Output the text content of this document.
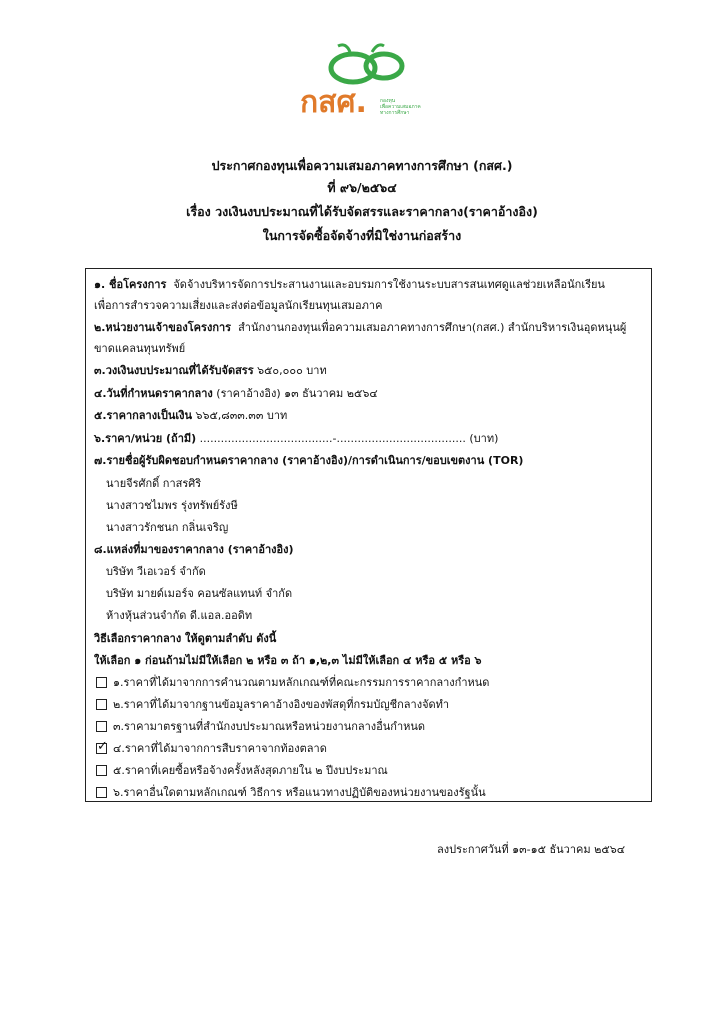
กสศ.	กองทุน
เพื่อความเสมอภาค
ทางการศึกษา
ประกาศกองทุนเพื่อความเสมอภาคทางการศึกษา (กสศ.)
ที่ ๙๖/๒๕๖๔
เรื่อง วงเงินงบประมาณที่ได้รับจัดสรรและราคากลาง(ราคาอ้างอิง)
ในการจัดซื้อจัดจ้างที่มิใช่งานก่อสร้าง
๑. ชื่อโครงการ จัดจ้างบริหารจัดการประสานงานและอบรมการใช้งานระบบสารสนเทศดูแลช่วยเหลือนักเรียน
เพื่อการสำรวจความเสี่ยงและส่งต่อข้อมูลนักเรียนทุนเสมอภาค
๒.หน่วยงานเจ้าของโครงการ สำนักงานกองทุนเพื่อความเสมอภาคทางการศึกษา(กสศ.) สำนักบริหารเงินอุดหนุนผู้
ขาดแคลนทุนทรัพย์
๓.วงเงินงบประมาณที่ได้รับจัดสรร ๖๕๐,๐๐๐ บาท
๔.วันที่กำหนดราคากลาง (ราคาอ้างอิง) ๑๓ ธันวาคม ๒๕๖๔
๕.ราคากลางเป็นเงิน ๖๖๕,๘๓๓.๓๓ บาท
๖.ราคา/หน่วย (ถ้ามี) ......................................-..................................... (บาท)
๗.รายชื่อผู้รับผิดชอบกำหนดราคากลาง (ราคาอ้างอิง)/การดำเนินการ/ขอบเขตงาน (TOR)
นายจีรศักดิ์ กาสรศิริ
นางสาวชไมพร รุ่งทรัพย์รังษี
นางสาวรักชนก กลิ่นเจริญ
๘.แหล่งที่มาของราคากลาง (ราคาอ้างอิง)
บริษัท วีเอเวอร์ จำกัด
บริษัท มายด์เมอร์จ คอนซัลแทนท์ จำกัด
ห้างหุ้นส่วนจำกัด ดี.แอล.ออดิท
วิธีเลือกราคากลาง ให้ดูตามลำดับ ดังนี้
ให้เลือก ๑ ก่อนถ้ามไม่มีให้เลือก ๒ หรือ ๓ ถ้า ๑,๒,๓ ไม่มีให้เลือก ๔ หรือ ๕ หรือ ๖
๑.ราคาที่ได้มาจากการคำนวณตามหลักเกณฑ์ที่คณะกรรมการราคากลางกำหนด
๒.ราคาที่ได้มาจากฐานข้อมูลราคาอ้างอิงของพัสดุที่กรมบัญชีกลางจัดทำ
๓.ราคามาตรฐานที่สำนักงบประมาณหรือหน่วยงานกลางอื่นกำหนด
✓ ๔.ราคาที่ได้มาจากการสืบราคาจากท้องตลาด
๕.ราคาที่เคยซื้อหรือจ้างครั้งหลังสุดภายใน ๒ ปีงบประมาณ
๖.ราคาอื่นใดตามหลักเกณฑ์ วิธีการ หรือแนวทางปฏิบัติของหน่วยงานของรัฐนั้น
ลงประกาศวันที่ ๑๓-๑๕ ธันวาคม ๒๕๖๔
